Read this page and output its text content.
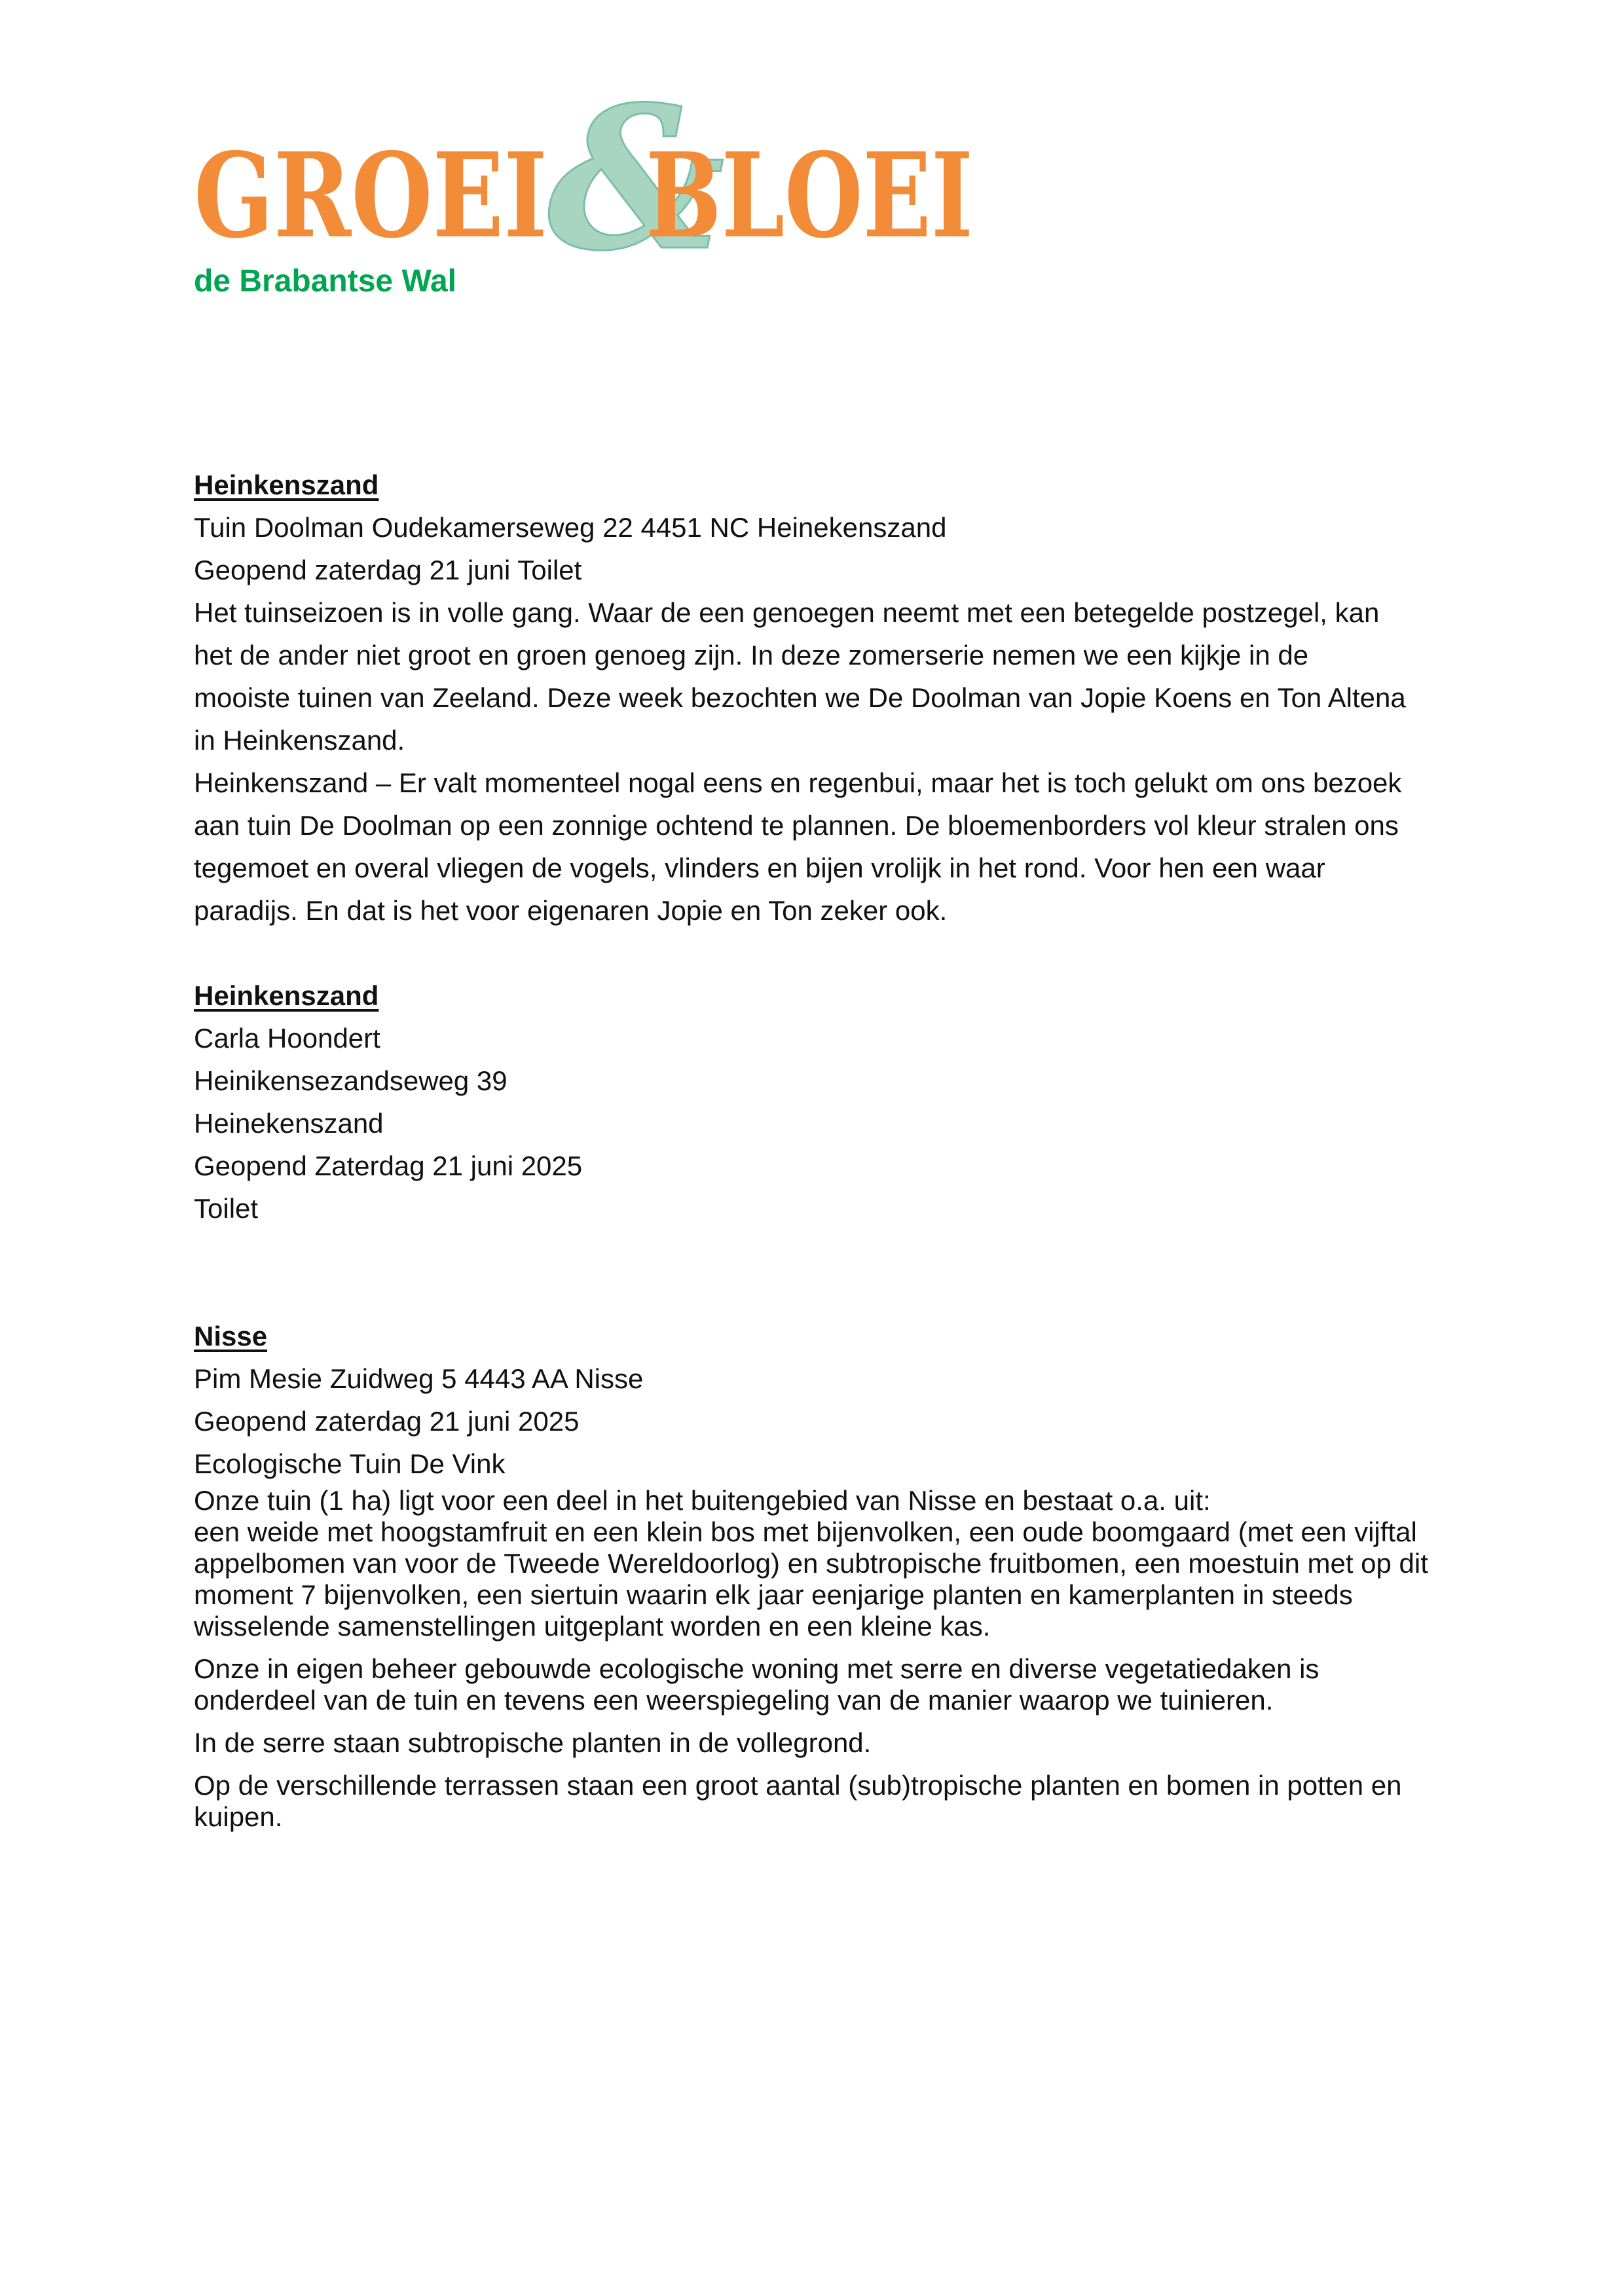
&
GROEI BLOEI
de Brabantse Wal
Heinkenszand
Tuin Doolman Oudekamerseweg 22 4451 NC Heinekenszand
Geopend zaterdag 21 juni Toilet
Het tuinseizoen is in volle gang. Waar de een genoegen neemt met een betegelde postzegel, kan
het de ander niet groot en groen genoeg zijn. In deze zomerserie nemen we een kijkje in de
mooiste tuinen van Zeeland. Deze week bezochten we De Doolman van Jopie Koens en Ton Altena
in Heinkenszand.
Heinkenszand – Er valt momenteel nogal eens en regenbui, maar het is toch gelukt om ons bezoek
aan tuin De Doolman op een zonnige ochtend te plannen. De bloemenborders vol kleur stralen ons
tegemoet en overal vliegen de vogels, vlinders en bijen vrolijk in het rond. Voor hen een waar
paradijs. En dat is het voor eigenaren Jopie en Ton zeker ook.
Heinkenszand
Carla Hoondert
Heinikensezandseweg 39
Heinekenszand
Geopend Zaterdag 21 juni 2025
Toilet
Nisse
Pim Mesie Zuidweg 5 4443 AA Nisse
Geopend zaterdag 21 juni 2025
Ecologische Tuin De Vink
Onze tuin (1 ha) ligt voor een deel in het buitengebied van Nisse en bestaat o.a. uit:
een weide met hoogstamfruit en een klein bos met bijenvolken, een oude boomgaard (met een vijftal
appelbomen van voor de Tweede Wereldoorlog) en subtropische fruitbomen, een moestuin met op dit
moment 7 bijenvolken, een siertuin waarin elk jaar eenjarige planten en kamerplanten in steeds
wisselende samenstellingen uitgeplant worden en een kleine kas.
Onze in eigen beheer gebouwde ecologische woning met serre en diverse vegetatiedaken is
onderdeel van de tuin en tevens een weerspiegeling van de manier waarop we tuinieren.
In de serre staan subtropische planten in de vollegrond.
Op de verschillende terrassen staan een groot aantal (sub)tropische planten en bomen in potten en
kuipen.
